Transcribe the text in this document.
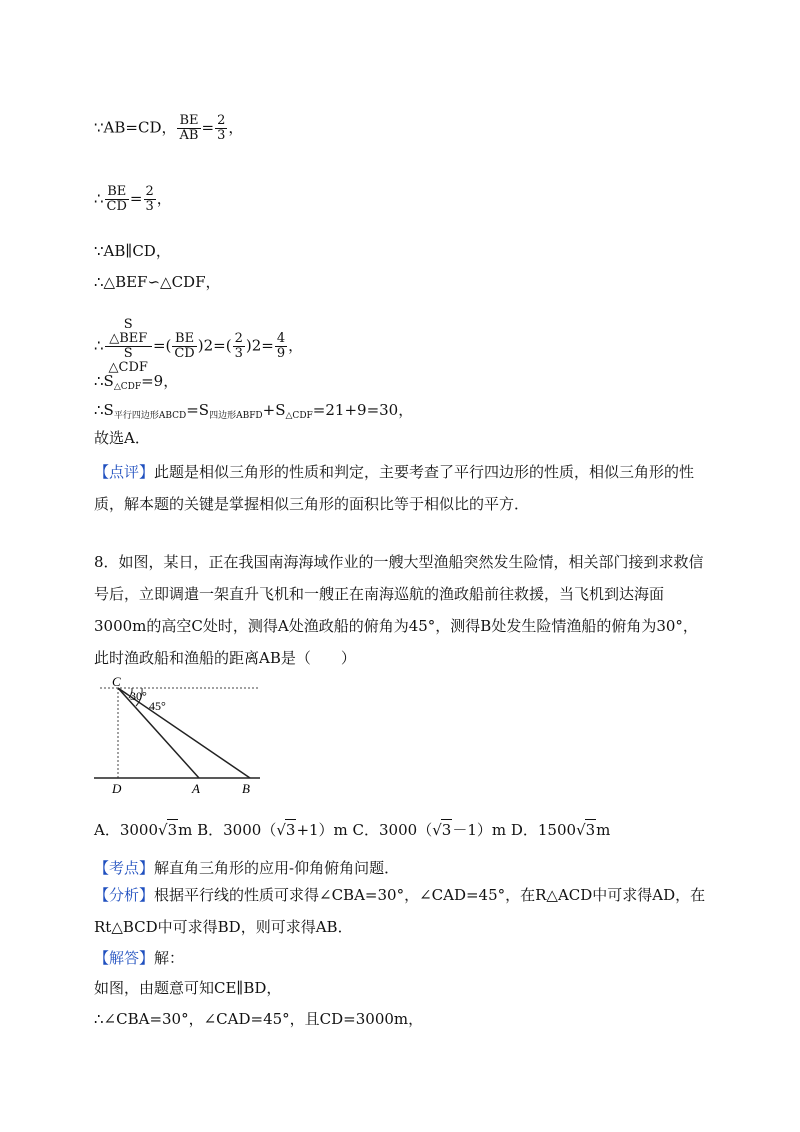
∵AB=CD， $\frac{BE}{AB} = \frac{2}{3}$ ，
∴ $\frac{BE}{CD} = \frac{2}{3}$ ，
∵AB∥CD，
∴△BEF∽△CDF，
∴ S
△BEF
S
△CDF =( $\frac{BE}{CD} )2=( \frac{2}{3} )2= \frac{4}{9}$ ，
$\therefore S_{\triangle CDF}=9$，
$\therefore S_{平行四边形ABCD}=S_{四边形ABFD}+S_{\triangle CDF}=21+9=30$，
故选A．
【点评】此题是相似三角形的性质和判定，主要考查了平行四边形的性质，相似三角形的性质，解本题的关键是掌握相似三角形的面积比等于相似比的平方．
8．如图，某日，正在我国南海海域作业的一艘大型渔船突然发生险情，相关部门接到求救信号后，立即调遣一架直升飞机和一艘正在南海巡航的渔政船前往救援，当飞机到达海面3000m的高空C处时，测得A处渔政船的俯角为45°，测得B处发生险情渔船的俯角为30°，此时渔政船和渔船的距离AB是（　　）
C
30°
45°
D	A	B
A．3000√3m B．3000（√3+1）m C．3000（√3－1）m D．1500√3m
【考点】解直角三角形的应用-仰角俯角问题．
【分析】根据平行线的性质可求得∠CBA=30°，∠CAD=45°，在R△ACD中可求得AD，在Rt△BCD中可求得BD，则可求得AB．
【解答】解：
如图，由题意可知CE∥BD，
∴∠CBA=30°，∠CAD=45°，且CD=3000m，
